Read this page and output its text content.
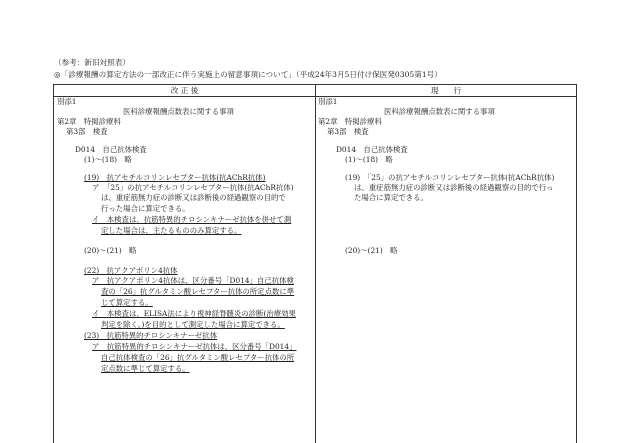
（参考：新旧対照表）
◎「診療報酬の算定方法の一部改正に伴う実施上の留意事項について」（平成24年3月5日付け保医発0305第1号）
改 正 後	現　　行
別添1
医科診療報酬点数表に関する事項
第2章　特掲診療料
第3部　検査
D014　自己抗体検査
(1)～(18)　略
(19)　抗アセチルコリンレセプター抗体(抗AChR抗体)
ア　「25」の抗アセチルコリンレセプター抗体(抗AChR抗体)
は、重症筋無力症の診断又は診断後の経過観察の目的で
行った場合に算定できる。
イ　本検査は、抗筋特異的チロシンキナーゼ抗体を併せて測
定した場合は、主たるもののみ算定する。
(20)～(21)　略
(22)　抗アクアポリン4抗体
ア　抗アクアポリン4抗体は、区分番号「D014」自己抗体検
査の「26」抗グルタミン酸レセプター抗体の所定点数に準
じて算定する。
イ　本検査は、ELISA法により視神経脊髄炎の診断(治療効果
判定を除く。)を目的として測定した場合に算定できる。
(23)　抗筋特異的チロシンキナーゼ抗体
ア　抗筋特異的チロシンキナーゼ抗体は、区分番号「D014」
自己抗体検査の「26」抗グルタミン酸レセプター抗体の所
定点数に準じて算定する。
別添1
医科診療報酬点数表に関する事項
第2章　特掲診療料
第3部　検査
D014　自己抗体検査
(1)～(18)　略
(19)　「25」の抗アセチルコリンレセプター抗体(抗AChR抗体)
は、重症筋無力症の診断又は診断後の経過観察の目的で行っ
た場合に算定できる。
(20)～(21)　略
